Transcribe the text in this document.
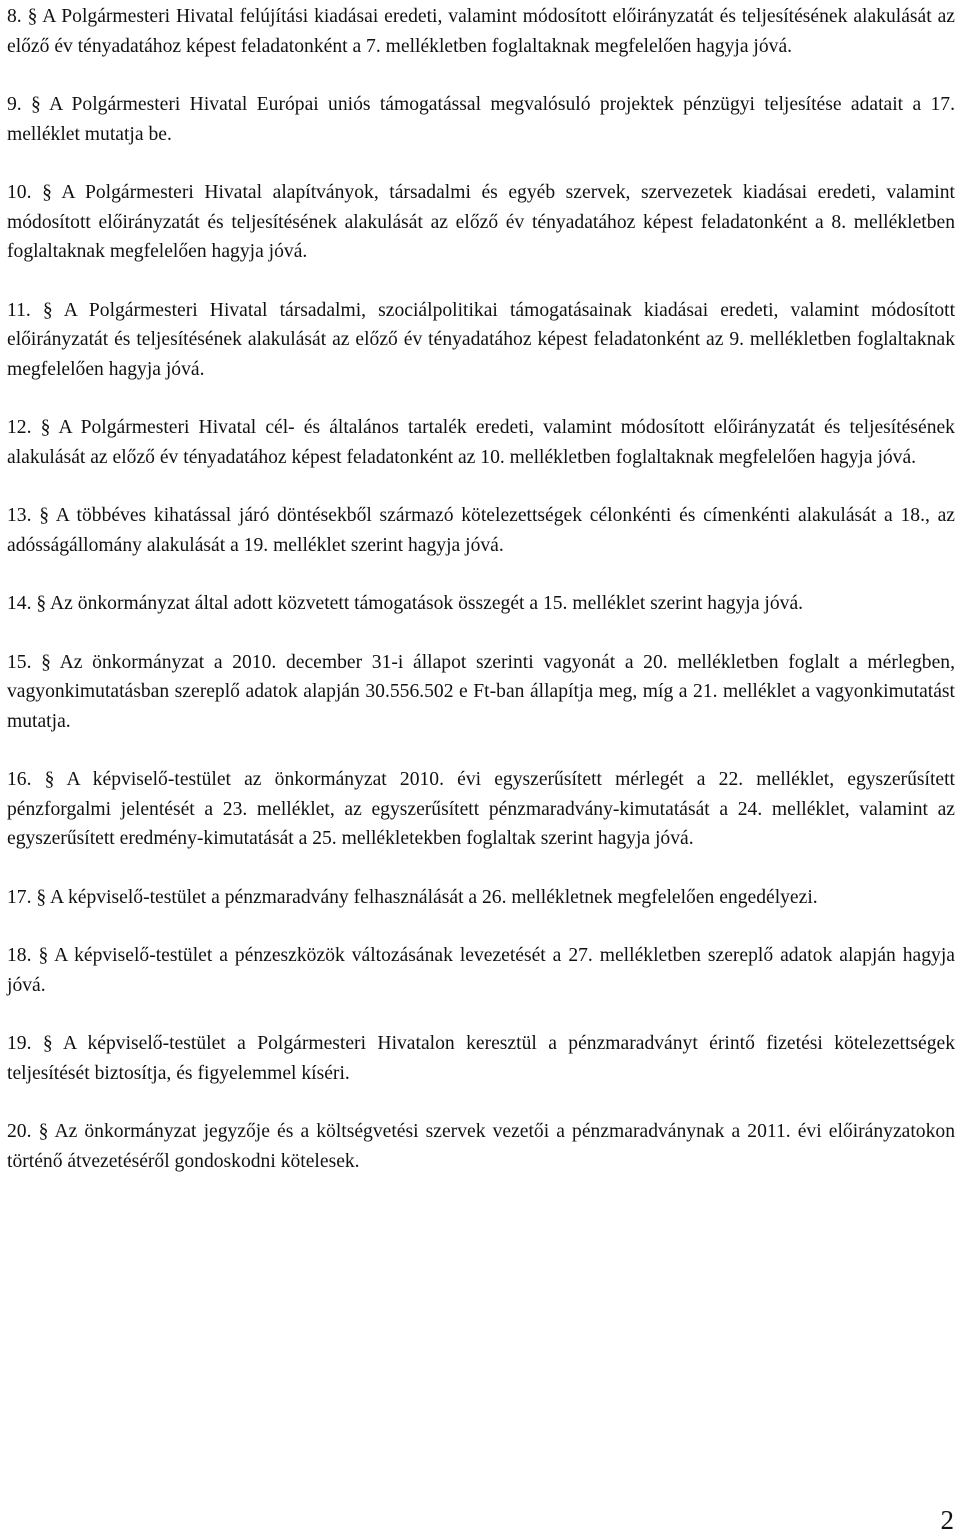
8. § A Polgármesteri Hivatal felújítási kiadásai eredeti, valamint módosított előirányzatát és teljesítésének alakulását az előző év tényadatához képest feladatonként a 7. mellékletben foglaltaknak megfelelően hagyja jóvá.

9. § A Polgármesteri Hivatal Európai uniós támogatással megvalósuló projektek pénzügyi teljesítése adatait a 17. melléklet mutatja be.

10. § A Polgármesteri Hivatal alapítványok, társadalmi és egyéb szervek, szervezetek kiadásai eredeti, valamint módosított előirányzatát és teljesítésének alakulását az előző év tényadatához képest feladatonként a 8. mellékletben foglaltaknak megfelelően hagyja jóvá.

11. § A Polgármesteri Hivatal társadalmi, szociálpolitikai támogatásainak kiadásai eredeti, valamint módosított előirányzatát és teljesítésének alakulását az előző év tényadatához képest feladatonként az 9. mellékletben foglaltaknak megfelelően hagyja jóvá.

12. § A Polgármesteri Hivatal cél- és általános tartalék eredeti, valamint módosított előirányzatát és teljesítésének alakulását az előző év tényadatához képest feladatonként az 10. mellékletben foglaltaknak megfelelően hagyja jóvá.

13. § A többéves kihatással járó döntésekből származó kötelezettségek célonkénti és címenkénti alakulását a 18., az adósságállomány alakulását a 19. melléklet szerint hagyja jóvá.

14. § Az önkormányzat által adott közvetett támogatások összegét a 15. melléklet szerint hagyja jóvá.

15. § Az önkormányzat a 2010. december 31-i állapot szerinti vagyonát a 20. mellékletben foglalt a mérlegben, vagyonkimutatásban szereplő adatok alapján 30.556.502 e Ft-ban állapítja meg, míg a 21. melléklet a vagyonkimutatást mutatja.

16. § A képviselő-testület az önkormányzat 2010. évi egyszerűsített mérlegét a 22. melléklet, egyszerűsített pénzforgalmi jelentését a 23. melléklet, az egyszerűsített pénzmaradvány-kimutatását a 24. melléklet, valamint az egyszerűsített eredmény-kimutatását a 25. mellékletekben foglaltak szerint hagyja jóvá.

17. § A képviselő-testület a pénzmaradvány felhasználását a 26. mellékletnek megfelelően engedélyezi.

18. § A képviselő-testület a pénzeszközök változásának levezetését a 27. mellékletben szereplő adatok alapján hagyja jóvá.

19. § A képviselő-testület a Polgármesteri Hivatalon keresztül a pénzmaradványt érintő fizetési kötelezettségek teljesítését biztosítja, és figyelemmel kíséri.

20. § Az önkormányzat jegyzője és a költségvetési szervek vezetői a pénzmaradványnak a 2011. évi előirányzatokon történő átvezetéséről gondoskodni kötelesek.

2
